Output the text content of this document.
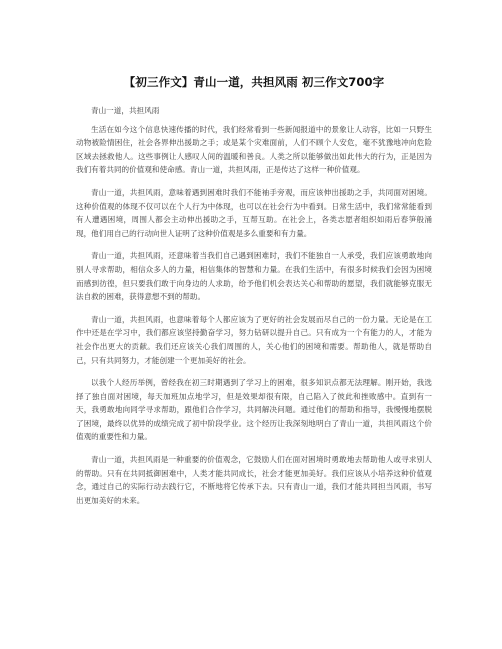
【初三作文】青山一道，共担风雨 初三作文700字
青山一道，共担风雨
生活在如今这个信息快速传播的时代，我们经常看到一些新闻报道中的景象让人动容，比如一只野生动物被险情困住，社会各界伸出援助之手；或是某个灾难面前，人们不顾个人安危，毫不犹豫地冲向危险区域去拯救他人。这些事例让人感叹人间的温暖和善良。人类之所以能够做出如此伟大的行为，正是因为我们有着共同的价值观和使命感。青山一道，共担风雨，正是传达了这样一种价值观。
青山一道，共担风雨，意味着遇到困难时我们不能袖手旁观，而应该伸出援助之手，共同面对困境。这种价值观的体现不仅可以在个人行为中体现，也可以在社会行为中看到。日常生活中，我们常常能看到有人遭遇困境，周围人都会主动伸出援助之手，互帮互助。在社会上，各类志愿者组织如雨后春笋般涌现，他们用自己的行动向世人证明了这种价值观是多么重要和有力量。
青山一道，共担风雨，还意味着当我们自己遇到困难时，我们不能独自一人承受，我们应该勇敢地向别人寻求帮助，相信众多人的力量，相信集体的智慧和力量。在我们生活中，有很多时候我们会因为困境而感到彷徨，但只要我们敢于向身边的人求助，给予他们机会表达关心和帮助的愿望，我们就能够克服无法自救的困难，获得意想不到的帮助。
青山一道，共担风雨，也意味着每个人都应该为了更好的社会发展而尽自己的一份力量。无论是在工作中还是在学习中，我们都应该坚持勤奋学习，努力钻研以提升自己。只有成为一个有能力的人，才能为社会作出更大的贡献。我们还应该关心我们周围的人，关心他们的困境和需要。帮助他人，就是帮助自己，只有共同努力，才能创建一个更加美好的社会。
以我个人经历举例，曾经我在初三时期遇到了学习上的困难，很多知识点都无法理解。刚开始，我选择了独自面对困境，每天加班加点地学习，但是效果却很有限，自己陷入了彼此和挫败感中。直到有一天，我勇敢地向同学寻求帮助，跟他们合作学习，共同解决问题。通过他们的帮助和指导，我慢慢地摆脱了困境，最终以优异的成绩完成了初中阶段学业。这个经历让我深刻地明白了青山一道，共担风雨这个价值观的重要性和力量。
青山一道，共担风雨是一种重要的价值观念，它鼓励人们在面对困境时勇敢地去帮助他人或寻求别人的帮助。只有在共同抵御困难中，人类才能共同成长，社会才能更加美好。我们应该从小培养这种价值观念，通过自己的实际行动去践行它，不断地将它传承下去。只有青山一道，我们才能共同担当风雨，书写出更加美好的未来。
